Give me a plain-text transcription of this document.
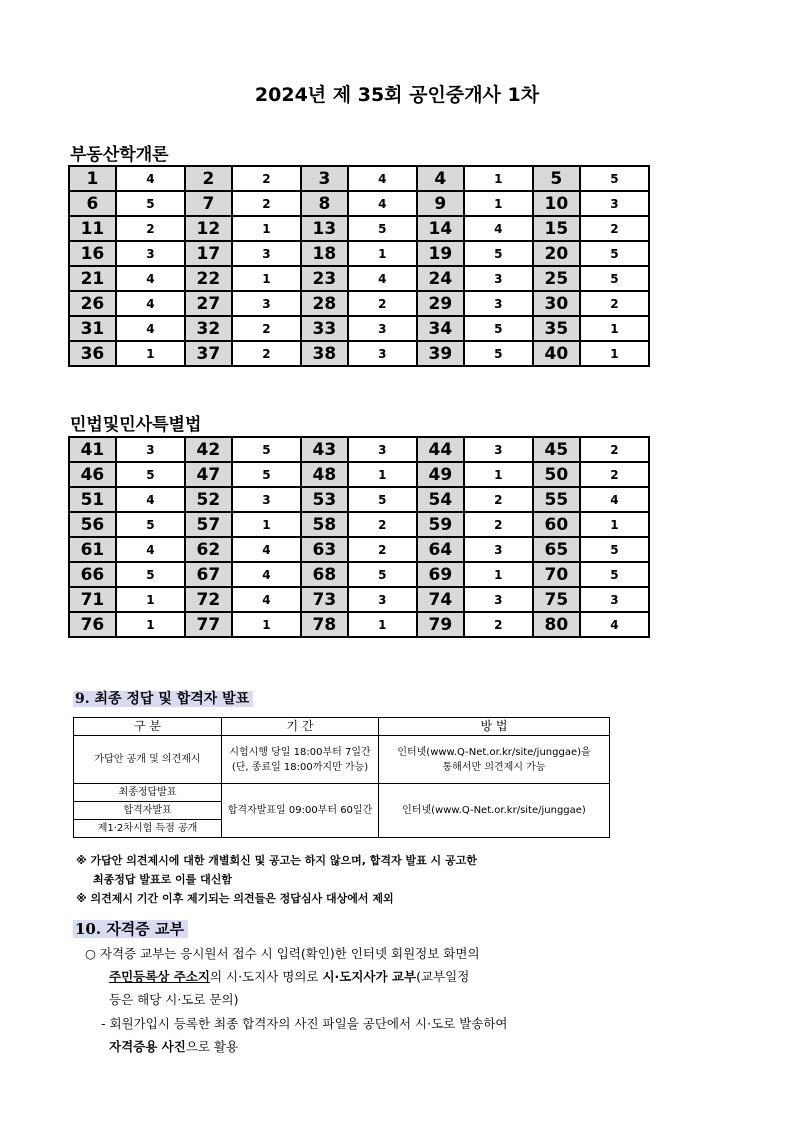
2024년 제 35회 공인중개사 1차
부동산학개론
1	4	2	2	3	4	4	1	5	5
6	5	7	2	8	4	9	1	10	3
11	2	12	1	13	5	14	4	15	2
16	3	17	3	18	1	19	5	20	5
21	4	22	1	23	4	24	3	25	5
26	4	27	3	28	2	29	3	30	2
31	4	32	2	33	3	34	5	35	1
36	1	37	2	38	3	39	5	40	1
민법및민사특별법
41	3	42	5	43	3	44	3	45	2
46	5	47	5	48	1	49	1	50	2
51	4	52	3	53	5	54	2	55	4
56	5	57	1	58	2	59	2	60	1
61	4	62	4	63	2	64	3	65	5
66	5	67	4	68	5	69	1	70	5
71	1	72	4	73	3	74	3	75	3
76	1	77	1	78	1	79	2	80	4
9. 최종 정답 및 합격자 발표
구 분	기 간	방 법
가답안 공개 및 의견제시	시험시행 당일 18:00부터 7일간(단, 종료일 18:00까지만 가능)	인터넷(www.Q-Net.or.kr/site/junggae)을
통해서만 의견제시 가능
최종정답발표	합격자발표일 09:00부터 60일간	인터넷(www.Q-Net.or.kr/site/junggae)
합격자발표		
제1·2차시험 득점 공개		

※ 가답안 의견제시에 대한 개별회신 및 공고는 하지 않으며, 합격자 발표 시 공고한

최종정답 발표로 이를 대신함

※ 의견제시 기간 이후 제기되는 의견들은 정답심사 대상에서 제외

10. 자격증 교부

○ 자격증 교부는 응시원서 접수 시 입력(확인)한 인터넷 회원정보 화면의

주민등록상 주소지의 시·도지사 명의로 시·도지사가 교부(교부일정

등은 해당 시·도로 문의)

- 회원가입시 등록한 최종 합격자의 사진 파일을 공단에서 시·도로 발송하여

자격증용 사진으로 활용
